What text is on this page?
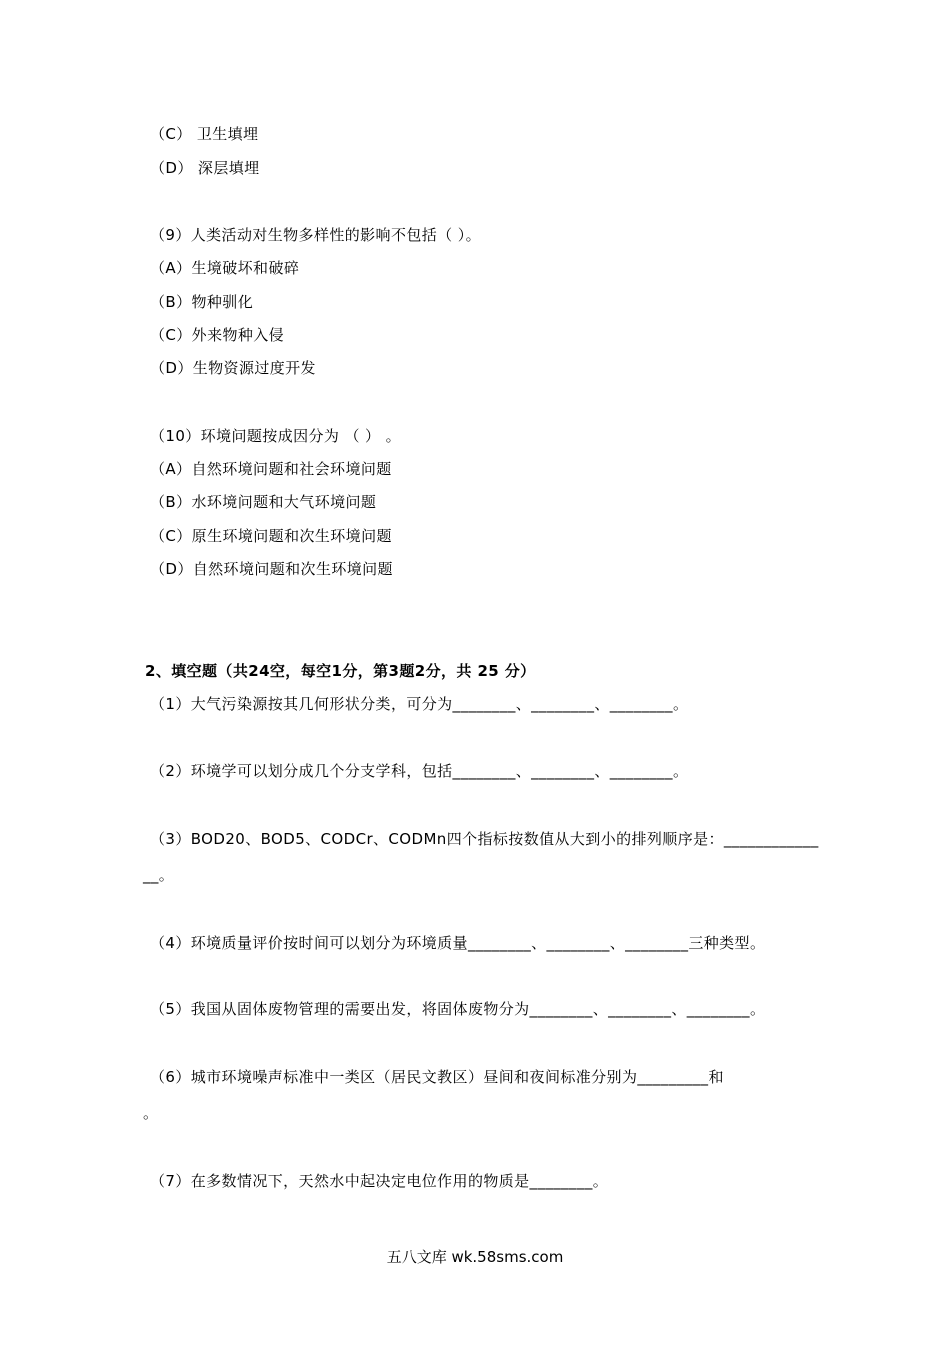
（C） 卫生填埋
（D） 深层填埋
（9）人类活动对生物多样性的影响不包括（ ）。
（A）生境破坏和破碎
（B）物种驯化
（C）外来物种入侵
（D）生物资源过度开发
（10）环境问题按成因分为 （ ） 。
（A）自然环境问题和社会环境问题
（B）水环境问题和大气环境问题
（C）原生环境问题和次生环境问题
（D）自然环境问题和次生环境问题
2、填空题（共24空，每空1分，第3题2分，共 25 分）
（1）大气污染源按其几何形状分类，可分为________、________、________。
（2）环境学可以划分成几个分支学科，包括________、________、________。
（3）BOD20、BOD5、CODCr、CODMn四个指标按数值从大到小的排列顺序是：____________
__。
（4）环境质量评价按时间可以划分为环境质量________、________、________三种类型。
（5）我国从固体废物管理的需要出发，将固体废物分为________、________、________。
（6）城市环境噪声标准中一类区（居民文教区）昼间和夜间标准分别为_________和
。
（7）在多数情况下，天然水中起决定电位作用的物质是________。
五八文库 wk.58sms.com
